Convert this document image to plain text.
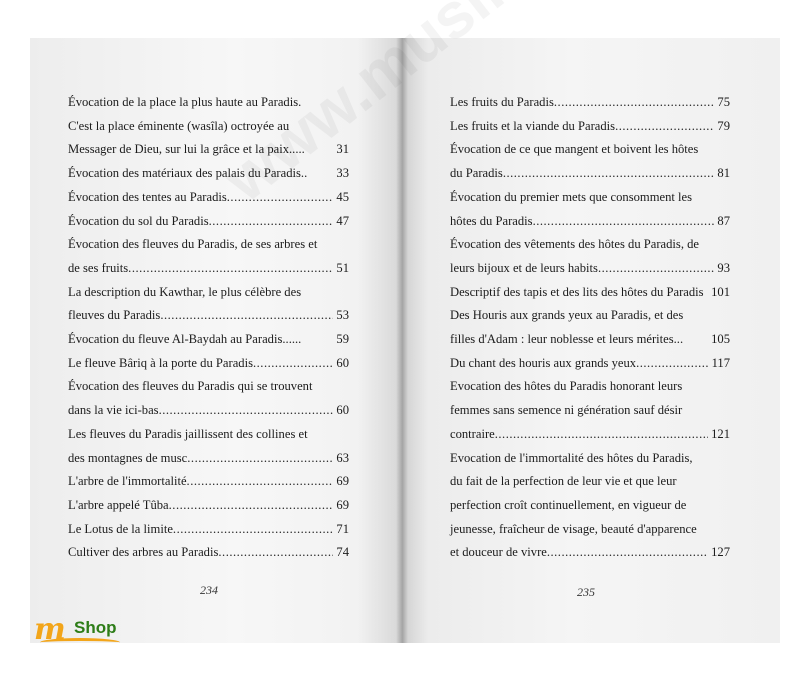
234
Évocation de la place la plus haute au Paradis.
C'est la place éminente (wasîla) octroyée au
Messager de Dieu, sur lui la grâce et la paix .....	31
Évocation des matériaux des palais du Paradis ..	33
Évocation des tentes au Paradis .....	45
Évocation du sol du Paradis .....	47
Évocation des fleuves du Paradis, de ses arbres et
de ses fruits .....	51
La description du Kawthar, le plus célèbre des
fleuves du Paradis .....	53
Évocation du fleuve Al-Baydah au Paradis ......	59
Le fleuve Bâriq à la porte du Paradis .....	60
Évocation des fleuves du Paradis qui se trouvent
dans la vie ici-bas .....	60
Les fleuves du Paradis jaillissent des collines et
des montagnes de musc .....	63
L'arbre de l'immortalité .....	69
L'arbre appelé Tûba .....	69
Le Lotus de la limite .....	71
Cultiver des arbres au Paradis .....	74
235
Les fruits du Paradis .....	75
Les fruits et la viande du Paradis .....	79
Évocation de ce que mangent et boivent les hôtes
du Paradis .....	81
Évocation du premier mets que consomment les
hôtes du Paradis .....	87
Évocation des vêtements des hôtes du Paradis, de
leurs bijoux et de leurs habits .....	93
Descriptif des tapis et des lits des hôtes du Paradis 101
Des Houris aux grands yeux au Paradis, et des
filles d'Adam : leur noblesse et leurs mérites ...	105
Du chant des houris aux grands yeux .....	117
Evocation des hôtes du Paradis honorant leurs
femmes sans semence ni génération sauf désir
contraire .....	121
Evocation de l'immortalité des hôtes du Paradis,
du fait de la perfection de leur vie et que leur
perfection croît continuellement, en vigueur de
jeunesse, fraîcheur de visage, beauté d'apparence
et douceur de vivre .....	127
m Shop
